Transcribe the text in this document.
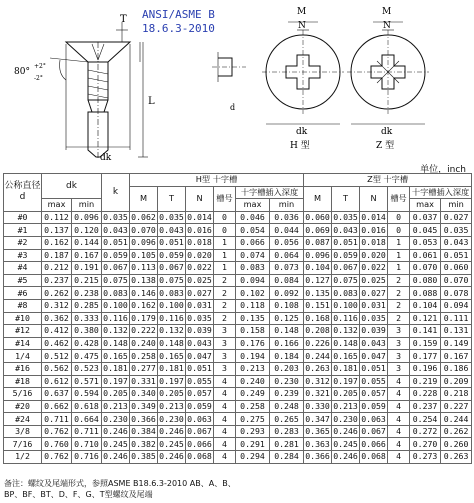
T
dk
L
d
80°
+2°
-2°
M
N
dk
H 型
M
N
dk
Z 型
ANSI/ASME B
18.6.3-2010
单位，inch
公称直径
d	dk		k	H型 十字槽						Z型 十字槽					
				M	T	N	槽号	十字槽插入深度		M	T	N	槽号	十字槽插入深度	
	max	min						max	min					max	min
#0	0.112	0.096	0.035	0.062	0.035	0.014	0	0.046	0.036	0.060	0.035	0.014	0	0.037	0.027
#1	0.137	0.120	0.043	0.070	0.043	0.016	0	0.054	0.044	0.069	0.043	0.016	0	0.045	0.035
#2	0.162	0.144	0.051	0.096	0.051	0.018	1	0.066	0.056	0.087	0.051	0.018	1	0.053	0.043
#3	0.187	0.167	0.059	0.105	0.059	0.020	1	0.074	0.064	0.096	0.059	0.020	1	0.061	0.051
#4	0.212	0.191	0.067	0.113	0.067	0.022	1	0.083	0.073	0.104	0.067	0.022	1	0.070	0.060
#5	0.237	0.215	0.075	0.138	0.075	0.025	2	0.094	0.084	0.127	0.075	0.025	2	0.080	0.070
#6	0.262	0.238	0.083	0.146	0.083	0.027	2	0.102	0.092	0.135	0.083	0.027	2	0.088	0.078
#8	0.312	0.285	0.100	0.162	0.100	0.031	2	0.118	0.108	0.151	0.100	0.031	2	0.104	0.094
#10	0.362	0.333	0.116	0.179	0.116	0.035	2	0.135	0.125	0.168	0.116	0.035	2	0.121	0.111
#12	0.412	0.380	0.132	0.222	0.132	0.039	3	0.158	0.148	0.208	0.132	0.039	3	0.141	0.131
#14	0.462	0.428	0.148	0.240	0.148	0.043	3	0.176	0.166	0.226	0.148	0.043	3	0.159	0.149
1/4	0.512	0.475	0.165	0.258	0.165	0.047	3	0.194	0.184	0.244	0.165	0.047	3	0.177	0.167
#16	0.562	0.523	0.181	0.277	0.181	0.051	3	0.213	0.203	0.263	0.181	0.051	3	0.196	0.186
#18	0.612	0.571	0.197	0.331	0.197	0.055	4	0.240	0.230	0.312	0.197	0.055	4	0.219	0.209
5/16	0.637	0.594	0.205	0.340	0.205	0.057	4	0.249	0.239	0.321	0.205	0.057	4	0.228	0.218
#20	0.662	0.618	0.213	0.349	0.213	0.059	4	0.258	0.248	0.330	0.213	0.059	4	0.237	0.227
#24	0.711	0.664	0.230	0.366	0.230	0.063	4	0.275	0.265	0.347	0.230	0.063	4	0.254	0.244
3/8	0.762	0.711	0.246	0.384	0.246	0.067	4	0.293	0.283	0.365	0.246	0.067	4	0.272	0.262
7/16	0.760	0.710	0.245	0.382	0.245	0.066	4	0.291	0.281	0.363	0.245	0.066	4	0.270	0.260
1/2	0.762	0.716	0.246	0.385	0.246	0.068	4	0.294	0.284	0.366	0.246	0.068	4	0.273	0.263
备注：螺纹及尾端形式，参照ASME B18.6.3-2010 AB、A、B、
BP、BF、BT、D、F、G、T型螺纹及尾端
